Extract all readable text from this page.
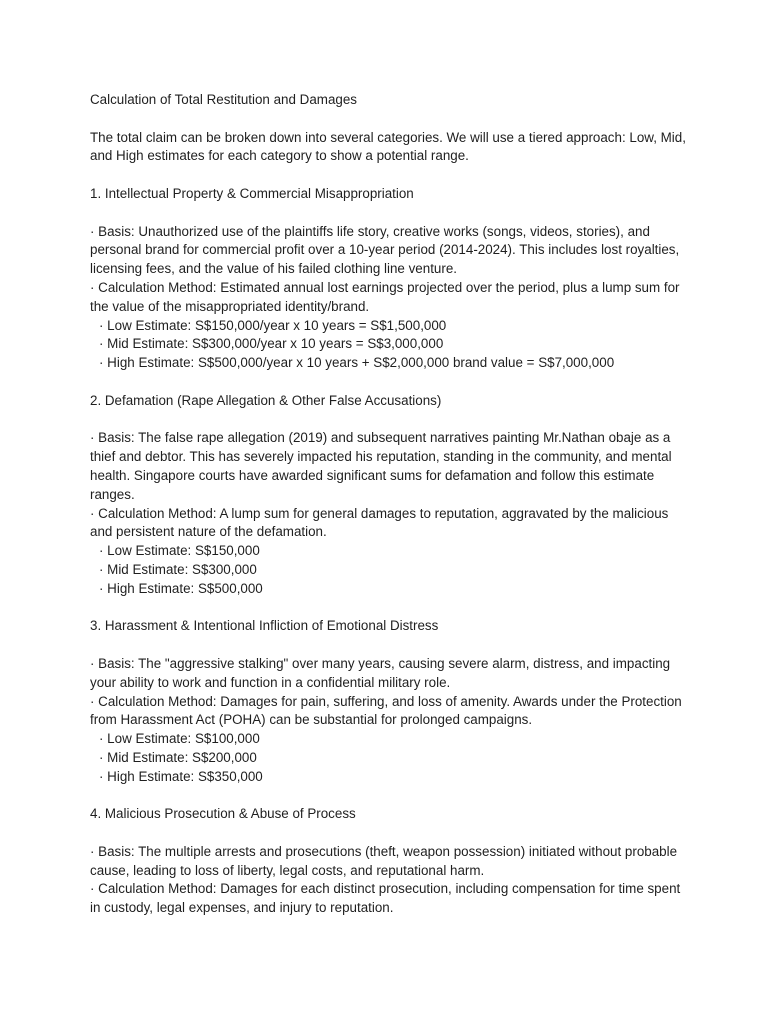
Calculation of Total Restitution and Damages

The total claim can be broken down into several categories. We will use a tiered approach: Low, Mid, and High estimates for each category to show a potential range.

1. Intellectual Property & Commercial Misappropriation

· Basis: Unauthorized use of the plaintiffs life story, creative works (songs, videos, stories), and personal brand for commercial profit over a 10-year period (2014-2024). This includes lost royalties, licensing fees, and the value of his failed clothing line venture.

· Calculation Method: Estimated annual lost earnings projected over the period, plus a lump sum for the value of the misappropriated identity/brand.

· Low Estimate: S$150,000/year x 10 years = S$1,500,000

· Mid Estimate: S$300,000/year x 10 years = S$3,000,000

· High Estimate: S$500,000/year x 10 years + S$2,000,000 brand value = S$7,000,000

2. Defamation (Rape Allegation & Other False Accusations)

· Basis: The false rape allegation (2019) and subsequent narratives painting Mr.Nathan obaje as a thief and debtor. This has severely impacted his reputation, standing in the community, and mental health. Singapore courts have awarded significant sums for defamation and follow this estimate ranges.

· Calculation Method: A lump sum for general damages to reputation, aggravated by the malicious and persistent nature of the defamation.

· Low Estimate: S$150,000

· Mid Estimate: S$300,000

· High Estimate: S$500,000

3. Harassment & Intentional Infliction of Emotional Distress

· Basis: The "aggressive stalking" over many years, causing severe alarm, distress, and impacting your ability to work and function in a confidential military role.

· Calculation Method: Damages for pain, suffering, and loss of amenity. Awards under the Protection from Harassment Act (POHA) can be substantial for prolonged campaigns.

· Low Estimate: S$100,000

· Mid Estimate: S$200,000

· High Estimate: S$350,000

4. Malicious Prosecution & Abuse of Process

· Basis: The multiple arrests and prosecutions (theft, weapon possession) initiated without probable cause, leading to loss of liberty, legal costs, and reputational harm.

· Calculation Method: Damages for each distinct prosecution, including compensation for time spent in custody, legal expenses, and injury to reputation.
